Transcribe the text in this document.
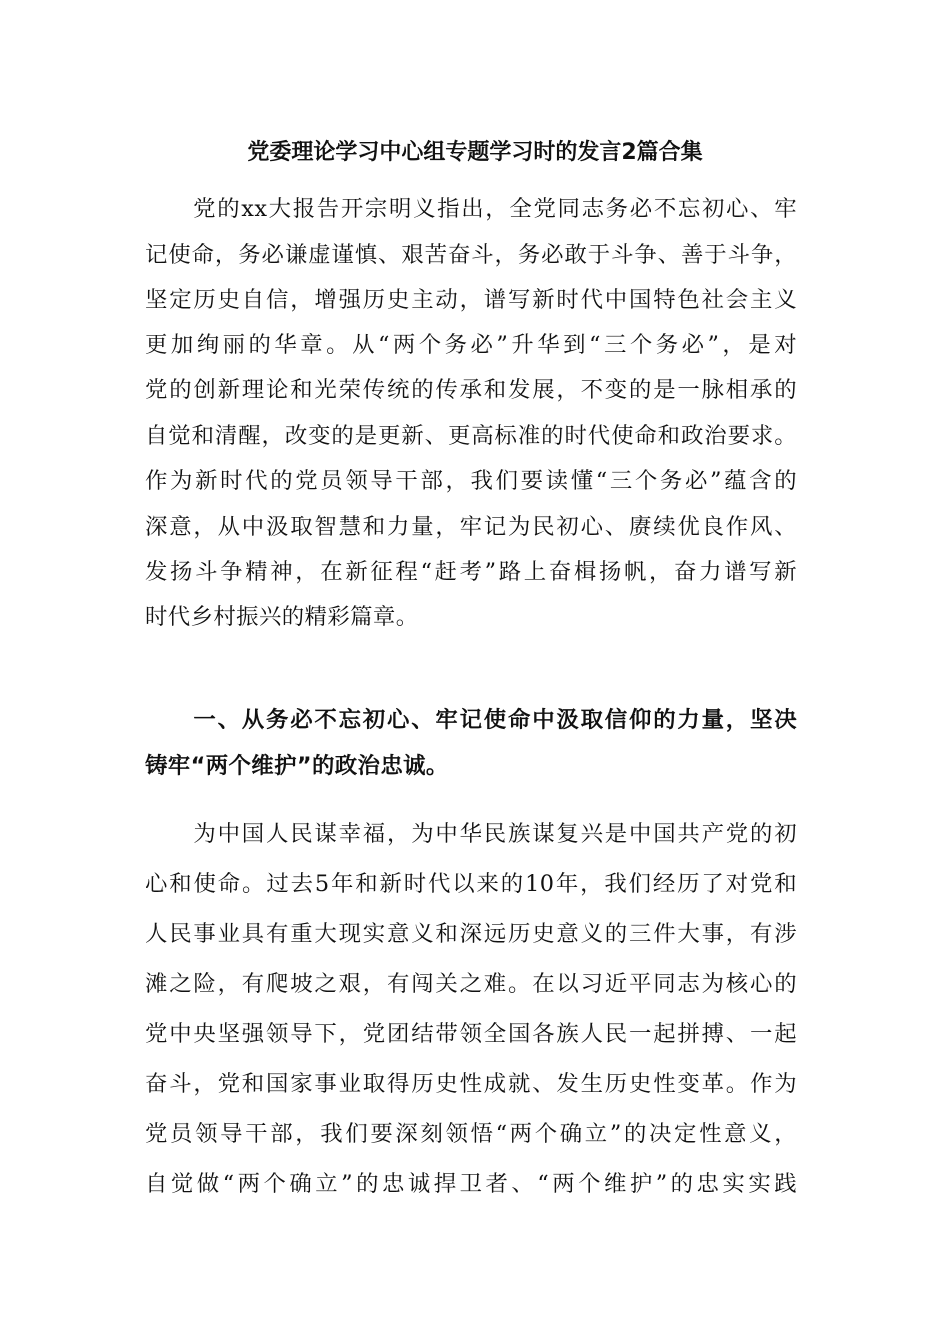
党委理论学习中心组专题学习时的发言2篇合集
　　党的xx大报告开宗明义指出，全党同志务必不忘初心、牢
记使命，务必谦虚谨慎、艰苦奋斗，务必敢于斗争、善于斗争，
坚定历史自信，增强历史主动，谱写新时代中国特色社会主义
更加绚丽的华章。从“两个务必”升华到“三个务必”，是对
党的创新理论和光荣传统的传承和发展，不变的是一脉相承的
自觉和清醒，改变的是更新、更高标准的时代使命和政治要求。
作为新时代的党员领导干部，我们要读懂“三个务必”蕴含的
深意，从中汲取智慧和力量，牢记为民初心、赓续优良作风、
发扬斗争精神，在新征程“赶考”路上奋楫扬帆，奋力谱写新
时代乡村振兴的精彩篇章。
　　一、从务必不忘初心、牢记使命中汲取信仰的力量，坚决
铸牢“两个维护”的政治忠诚。
　　为中国人民谋幸福，为中华民族谋复兴是中国共产党的初
心和使命。过去5年和新时代以来的10年，我们经历了对党和
人民事业具有重大现实意义和深远历史意义的三件大事，有涉
滩之险，有爬坡之艰，有闯关之难。在以习近平同志为核心的
党中央坚强领导下，党团结带领全国各族人民一起拼搏、一起
奋斗，党和国家事业取得历史性成就、发生历史性变革。作为
党员领导干部，我们要深刻领悟“两个确立”的决定性意义，
自觉做“两个确立”的忠诚捍卫者、“两个维护”的忠实实践
